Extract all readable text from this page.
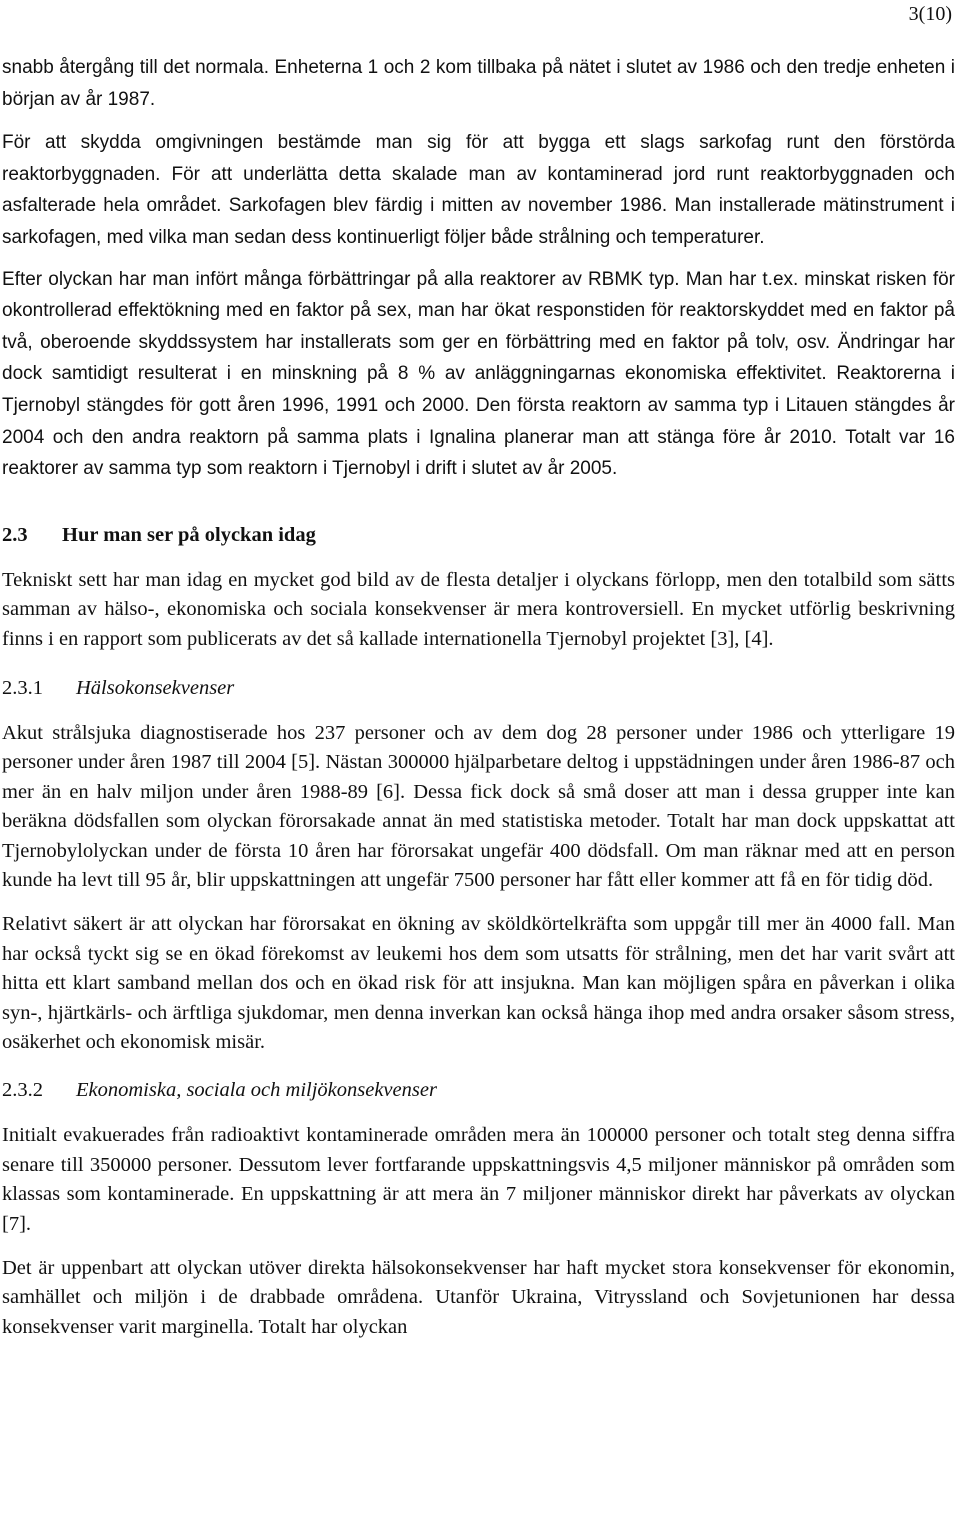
3(10)

snabb återgång till det normala. Enheterna 1 och 2 kom tillbaka på nätet i slutet av 1986 och den tredje enheten i början av år 1987.

För att skydda omgivningen bestämde man sig för att bygga ett slags sarkofag runt den förstörda reaktorbyggnaden. För att underlätta detta skalade man av kontaminerad jord runt reaktorbyggnaden och asfalterade hela området. Sarkofagen blev färdig i mitten av november 1986. Man installerade mätinstrument i sarkofagen, med vilka man sedan dess kontinuerligt följer både strålning och temperaturer.

Efter olyckan har man infört många förbättringar på alla reaktorer av RBMK typ. Man har t.ex. minskat risken för okontrollerad effektökning med en faktor på sex, man har ökat responstiden för reaktorskyddet med en faktor på två, oberoende skyddssystem har installerats som ger en förbättring med en faktor på tolv, osv. Ändringar har dock samtidigt resulterat i en minskning på 8 % av anläggningarnas ekonomiska effektivitet. Reaktorerna i Tjernobyl stängdes för gott åren 1996, 1991 och 2000. Den första reaktorn av samma typ i Litauen stängdes år 2004 och den andra reaktorn på samma plats i Ignalina planerar man att stänga före år 2010. Totalt var 16 reaktorer av samma typ som reaktorn i Tjernobyl i drift i slutet av år 2005.

2.3	Hur man ser på olyckan idag

Tekniskt sett har man idag en mycket god bild av de flesta detaljer i olyckans förlopp, men den totalbild som sätts samman av hälso-, ekonomiska och sociala konsekvenser är mera kontroversiell. En mycket utförlig beskrivning finns i en rapport som publicerats av det så kallade internationella Tjernobyl projektet [3], [4].

2.3.1	Hälsokonsekvenser

Akut strålsjuka diagnostiserade hos 237 personer och av dem dog 28 personer under 1986 och ytterligare 19 personer under åren 1987 till 2004 [5]. Nästan 300000 hjälparbetare deltog i uppstädningen under åren 1986-87 och mer än en halv miljon under åren 1988-89 [6]. Dessa fick dock så små doser att man i dessa grupper inte kan beräkna dödsfallen som olyckan förorsakade annat än med statistiska metoder. Totalt har man dock uppskattat att Tjernobylolyckan under de första 10 åren har förorsakat ungefär 400 dödsfall. Om man räknar med att en person kunde ha levt till 95 år, blir uppskattningen att ungefär 7500 personer har fått eller kommer att få en för tidig död.

Relativt säkert är att olyckan har förorsakat en ökning av sköldkörtelkräfta som uppgår till mer än 4000 fall. Man har också tyckt sig se en ökad förekomst av leukemi hos dem som utsatts för strålning, men det har varit svårt att hitta ett klart samband mellan dos och en ökad risk för att insjukna. Man kan möjligen spåra en påverkan i olika syn-, hjärtkärls- och ärftliga sjukdomar, men denna inverkan kan också hänga ihop med andra orsaker såsom stress, osäkerhet och ekonomisk misär.

2.3.2	Ekonomiska, sociala och miljökonsekvenser

Initialt evakuerades från radioaktivt kontaminerade områden mera än 100000 personer och totalt steg denna siffra senare till 350000 personer. Dessutom lever fortfarande uppskattningsvis 4,5 miljoner människor på områden som klassas som kontaminerade. En uppskattning är att mera än 7 miljoner människor direkt har påverkats av olyckan [7].

Det är uppenbart att olyckan utöver direkta hälsokonsekvenser har haft mycket stora konsekvenser för ekonomin, samhället och miljön i de drabbade områdena. Utanför Ukraina, Vitryssland och Sovjetunionen har dessa konsekvenser varit marginella. Totalt har olyckan
